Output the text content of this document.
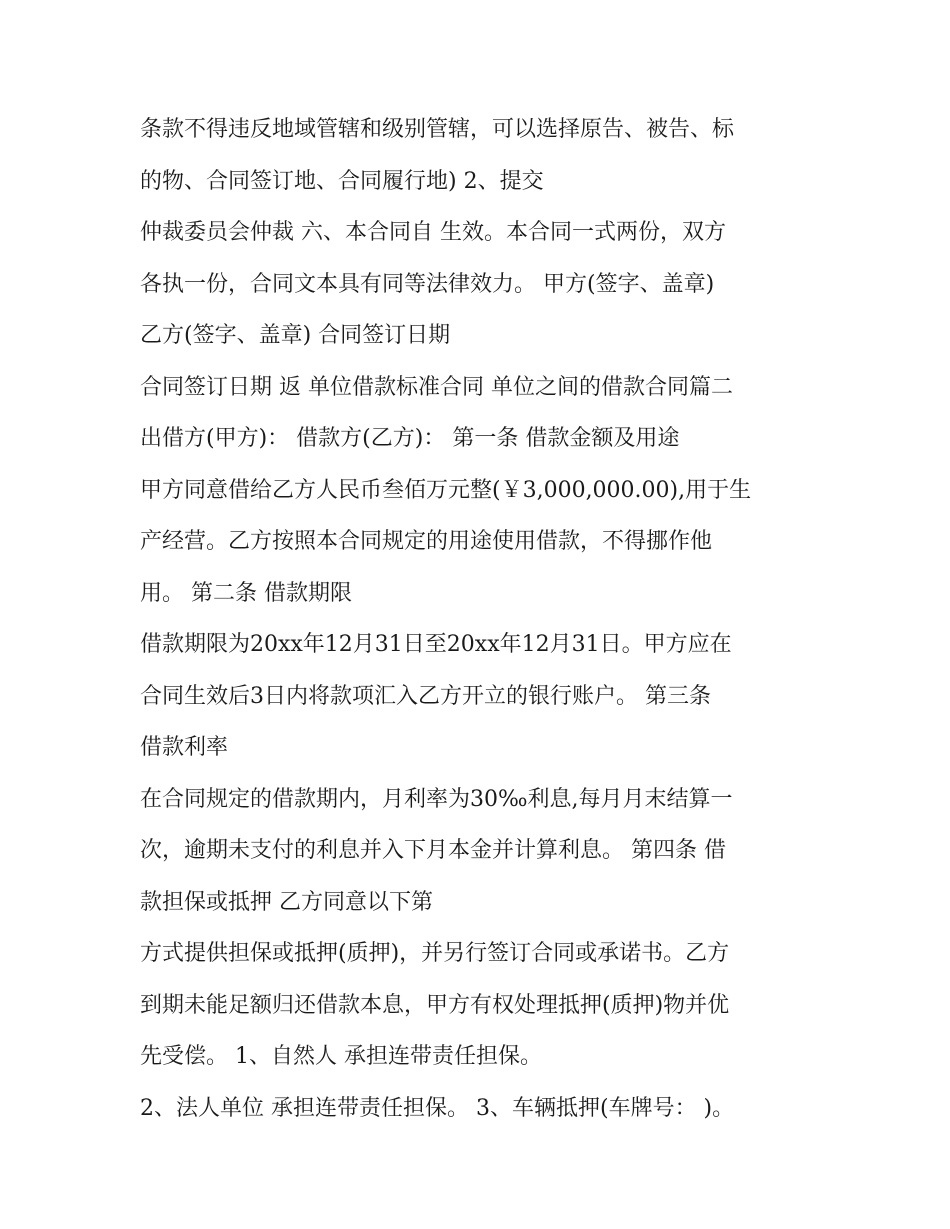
条款不得违反地域管辖和级别管辖，可以选择原告、被告、标
的物、合同签订地、合同履行地) 2、提交
仲裁委员会仲裁 六、本合同自 生效。本合同一式两份，双方
各执一份，合同文本具有同等法律效力。 甲方(签字、盖章)
乙方(签字、盖章) 合同签订日期
合同签订日期 返 单位借款标准合同 单位之间的借款合同篇二
出借方(甲方)： 借款方(乙方)： 第一条 借款金额及用途
甲方同意借给乙方人民币叁佰万元整(￥3,000,000.00),用于生
产经营。乙方按照本合同规定的用途使用借款，不得挪作他
用。 第二条 借款期限
借款期限为20xx年12月31日至20xx年12月31日。甲方应在
合同生效后3日内将款项汇入乙方开立的银行账户。 第三条
借款利率
在合同规定的借款期内，月利率为30‰利息,每月月末结算一
次，逾期未支付的利息并入下月本金并计算利息。 第四条 借
款担保或抵押 乙方同意以下第
方式提供担保或抵押(质押)，并另行签订合同或承诺书。乙方
到期未能足额归还借款本息，甲方有权处理抵押(质押)物并优
先受偿。 1、自然人 承担连带责任担保。
2、法人单位 承担连带责任担保。 3、车辆抵押(车牌号： )。
